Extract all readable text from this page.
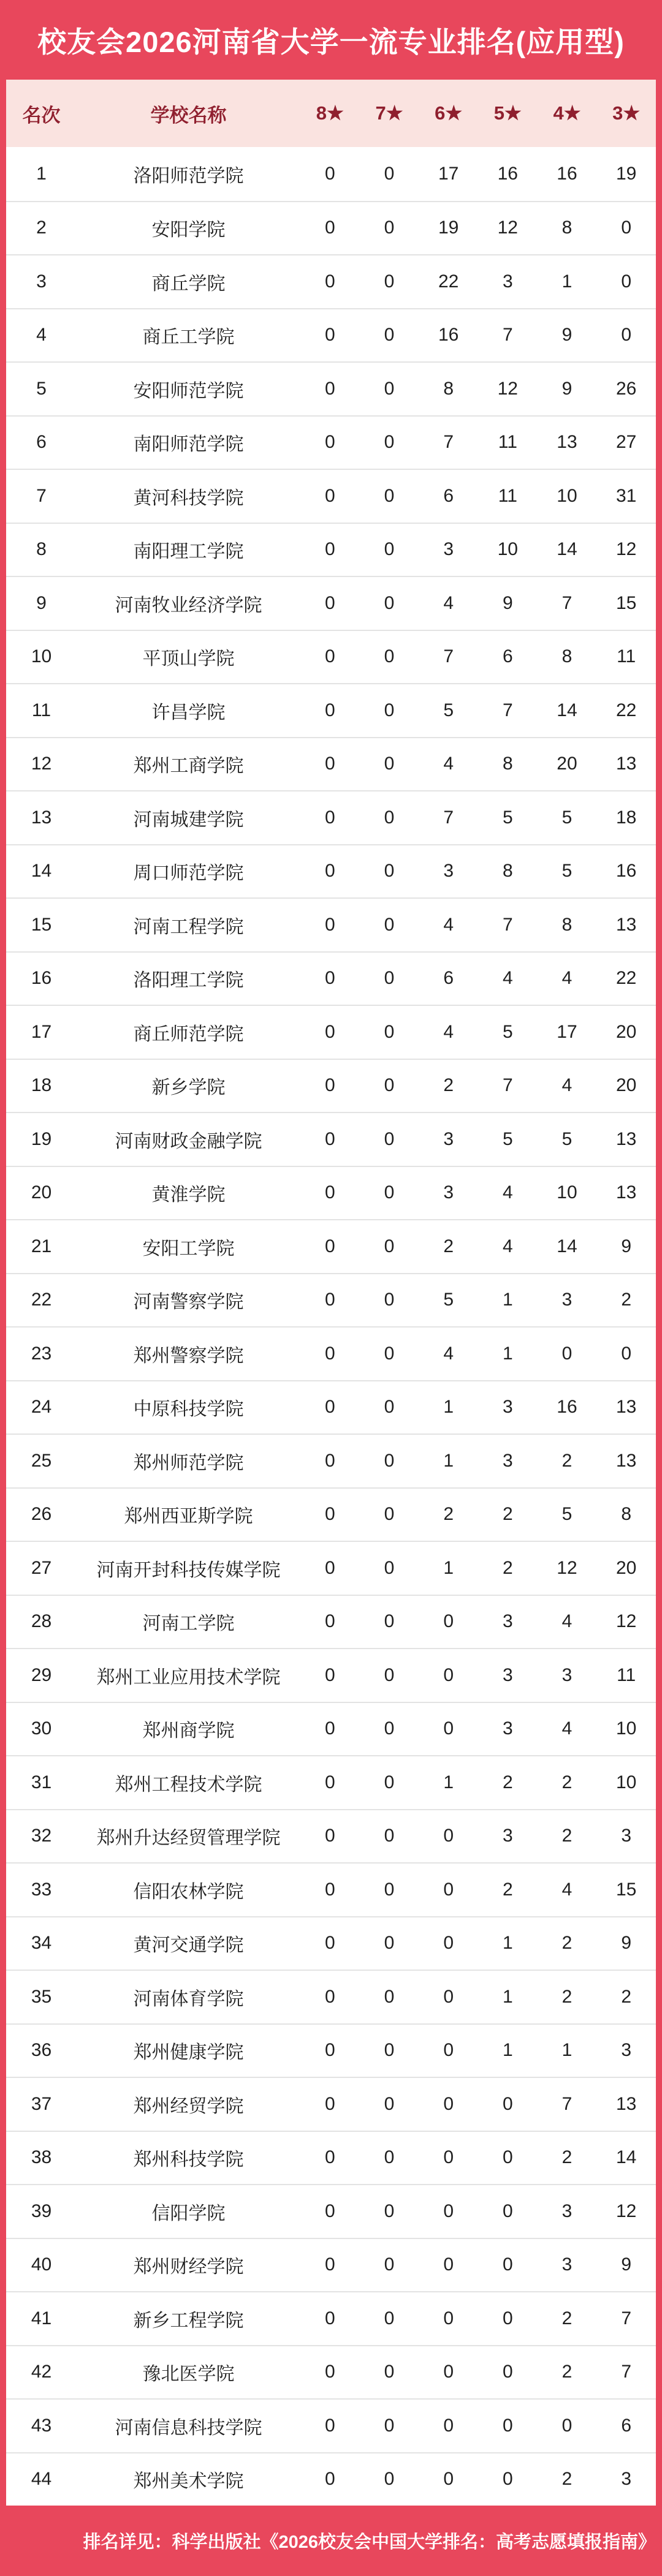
校友会2026河南省大学一流专业排名(应用型)
名次	学校名称	8★	7★	6★	5★	4★	3★
1	洛阳师范学院	0	0	17	16	16	19
2	安阳学院	0	0	19	12	8	0
3	商丘学院	0	0	22	3	1	0
4	商丘工学院	0	0	16	7	9	0
5	安阳师范学院	0	0	8	12	9	26
6	南阳师范学院	0	0	7	11	13	27
7	黄河科技学院	0	0	6	11	10	31
8	南阳理工学院	0	0	3	10	14	12
9	河南牧业经济学院	0	0	4	9	7	15
10	平顶山学院	0	0	7	6	8	11
11	许昌学院	0	0	5	7	14	22
12	郑州工商学院	0	0	4	8	20	13
13	河南城建学院	0	0	7	5	5	18
14	周口师范学院	0	0	3	8	5	16
15	河南工程学院	0	0	4	7	8	13
16	洛阳理工学院	0	0	6	4	4	22
17	商丘师范学院	0	0	4	5	17	20
18	新乡学院	0	0	2	7	4	20
19	河南财政金融学院	0	0	3	5	5	13
20	黄淮学院	0	0	3	4	10	13
21	安阳工学院	0	0	2	4	14	9
22	河南警察学院	0	0	5	1	3	2
23	郑州警察学院	0	0	4	1	0	0
24	中原科技学院	0	0	1	3	16	13
25	郑州师范学院	0	0	1	3	2	13
26	郑州西亚斯学院	0	0	2	2	5	8
27	河南开封科技传媒学院	0	0	1	2	12	20
28	河南工学院	0	0	0	3	4	12
29	郑州工业应用技术学院	0	0	0	3	3	11
30	郑州商学院	0	0	0	3	4	10
31	郑州工程技术学院	0	0	1	2	2	10
32	郑州升达经贸管理学院	0	0	0	3	2	3
33	信阳农林学院	0	0	0	2	4	15
34	黄河交通学院	0	0	0	1	2	9
35	河南体育学院	0	0	0	1	2	2
36	郑州健康学院	0	0	0	1	1	3
37	郑州经贸学院	0	0	0	0	7	13
38	郑州科技学院	0	0	0	0	2	14
39	信阳学院	0	0	0	0	3	12
40	郑州财经学院	0	0	0	0	3	9
41	新乡工程学院	0	0	0	0	2	7
42	豫北医学院	0	0	0	0	2	7
43	河南信息科技学院	0	0	0	0	0	6
44	郑州美术学院	0	0	0	0	2	3
排名详见：科学出版社《2026校友会中国大学排名：高考志愿填报指南》
